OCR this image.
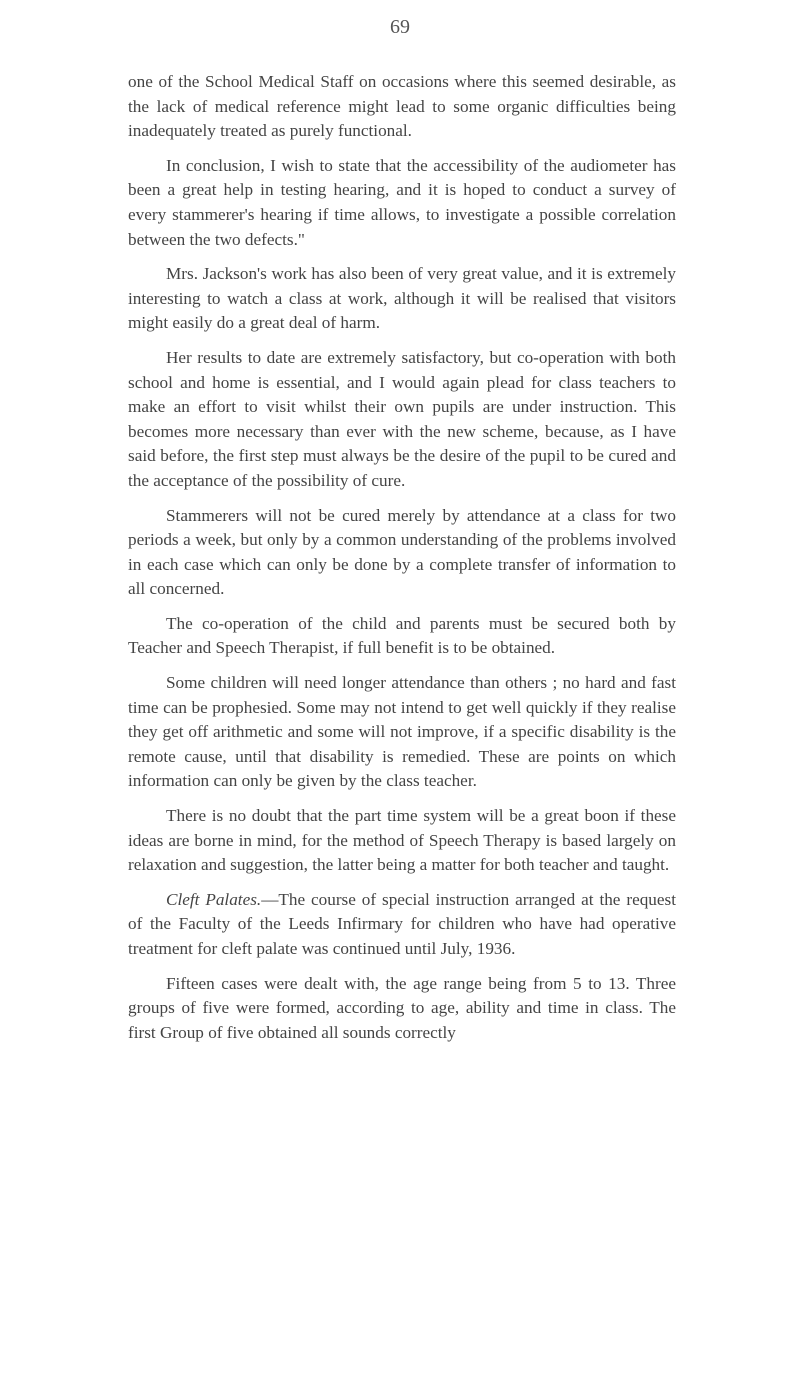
69

one of the School Medical Staff on occasions where this seemed desirable, as the lack of medical reference might lead to some organic difficulties being inadequately treated as purely functional.

In conclusion, I wish to state that the accessibility of the audiometer has been a great help in testing hearing, and it is hoped to conduct a survey of every stammerer's hearing if time allows, to investigate a possible correlation between the two defects."

Mrs. Jackson's work has also been of very great value, and it is extremely interesting to watch a class at work, although it will be realised that visitors might easily do a great deal of harm.

Her results to date are extremely satisfactory, but co-operation with both school and home is essential, and I would again plead for class teachers to make an effort to visit whilst their own pupils are under instruction. This becomes more necessary than ever with the new scheme, because, as I have said before, the first step must always be the desire of the pupil to be cured and the acceptance of the possibility of cure.

Stammerers will not be cured merely by attendance at a class for two periods a week, but only by a common understanding of the problems involved in each case which can only be done by a complete transfer of information to all concerned.

The co-operation of the child and parents must be secured both by Teacher and Speech Therapist, if full benefit is to be obtained.

Some children will need longer attendance than others ; no hard and fast time can be prophesied. Some may not intend to get well quickly if they realise they get off arithmetic and some will not improve, if a specific disability is the remote cause, until that disability is remedied. These are points on which information can only be given by the class teacher.

There is no doubt that the part time system will be a great boon if these ideas are borne in mind, for the method of Speech Therapy is based largely on relaxation and suggestion, the latter being a matter for both teacher and taught.

Cleft Palates.—The course of special instruction arranged at the request of the Faculty of the Leeds Infirmary for children who have had operative treatment for cleft palate was continued until July, 1936.

Fifteen cases were dealt with, the age range being from 5 to 13. Three groups of five were formed, according to age, ability and time in class. The first Group of five obtained all sounds correctly
